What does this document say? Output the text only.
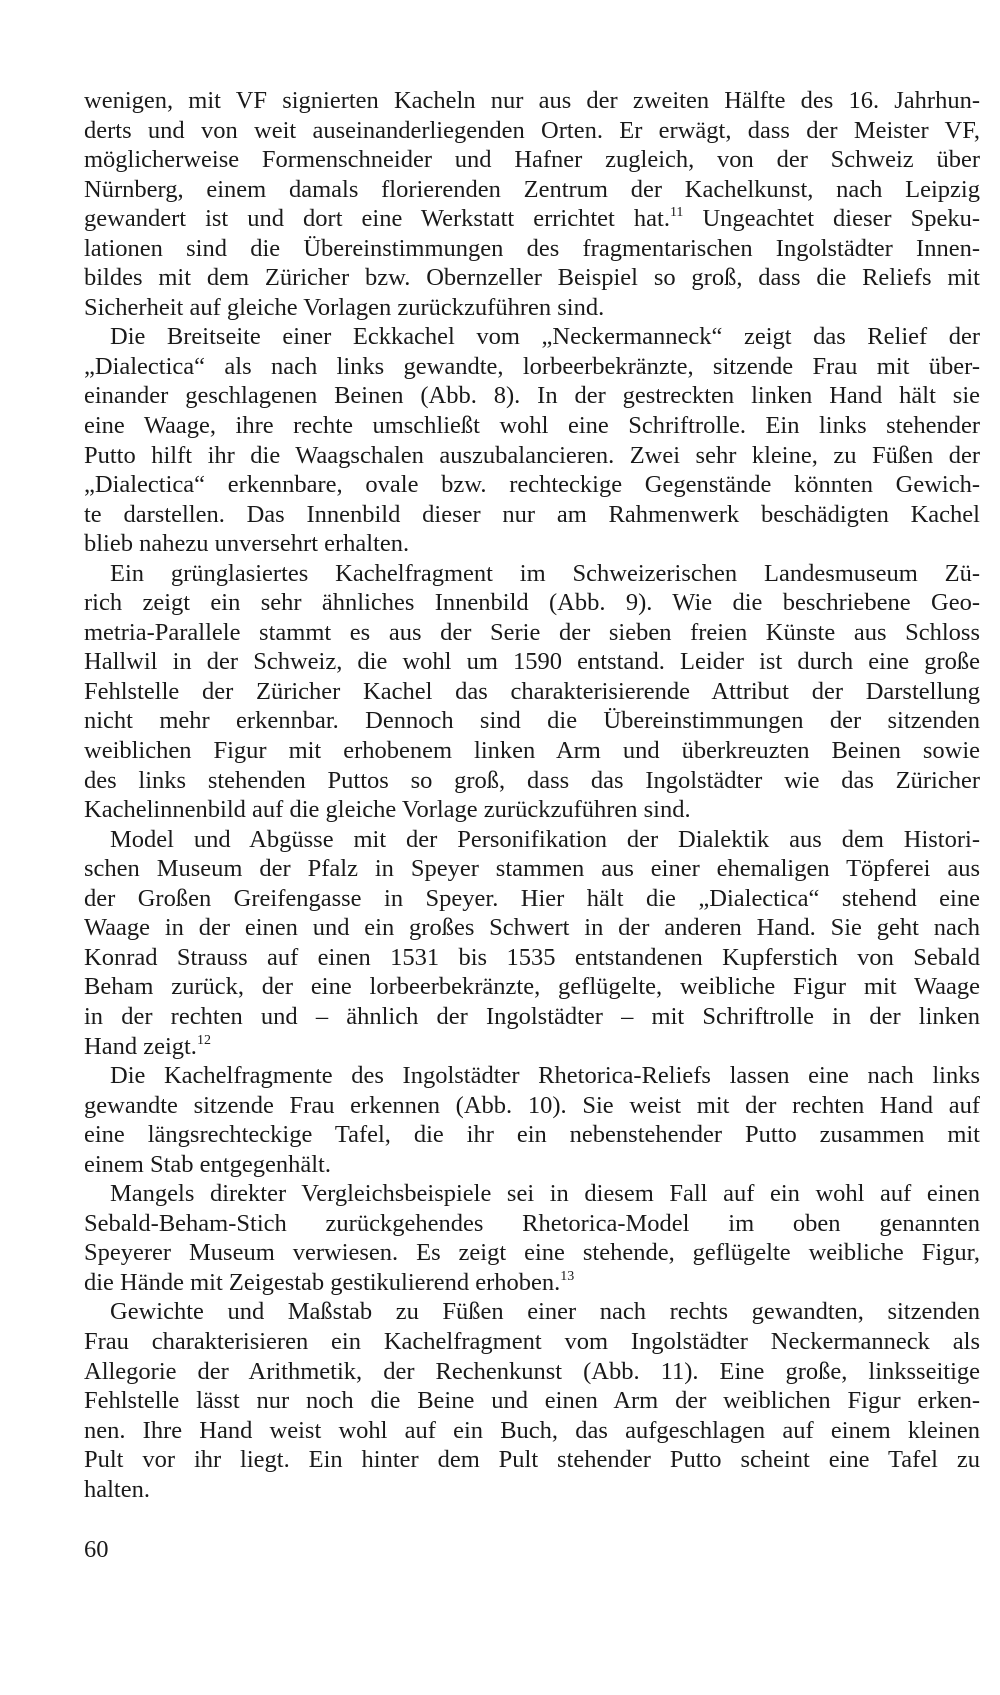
wenigen, mit VF signierten Kacheln nur aus der zweiten Hälfte des 16. Jahrhun-
derts und von weit auseinanderliegenden Orten. Er erwägt, dass der Meister VF,
möglicherweise Formenschneider und Hafner zugleich, von der Schweiz über
Nürnberg, einem damals florierenden Zentrum der Kachelkunst, nach Leipzig
gewandert ist und dort eine Werkstatt errichtet hat.$^{11}$ Ungeachtet dieser Speku-
lationen sind die Übereinstimmungen des fragmentarischen Ingolstädter Innen-
bildes mit dem Züricher bzw. Obernzeller Beispiel so groß, dass die Reliefs mit
Sicherheit auf gleiche Vorlagen zurückzuführen sind.
Die Breitseite einer Eckkachel vom „Neckermanneck“ zeigt das Relief der
„Dialectica“ als nach links gewandte, lorbeerbekränzte, sitzende Frau mit über-
einander geschlagenen Beinen (Abb. 8). In der gestreckten linken Hand hält sie
eine Waage, ihre rechte umschließt wohl eine Schriftrolle. Ein links stehender
Putto hilft ihr die Waagschalen auszubalancieren. Zwei sehr kleine, zu Füßen der
„Dialectica“ erkennbare, ovale bzw. rechteckige Gegenstände könnten Gewich-
te darstellen. Das Innenbild dieser nur am Rahmenwerk beschädigten Kachel
blieb nahezu unversehrt erhalten.
Ein grünglasiertes Kachelfragment im Schweizerischen Landesmuseum Zü-
rich zeigt ein sehr ähnliches Innenbild (Abb. 9). Wie die beschriebene Geo-
metria-Parallele stammt es aus der Serie der sieben freien Künste aus Schloss
Hallwil in der Schweiz, die wohl um 1590 entstand. Leider ist durch eine große
Fehlstelle der Züricher Kachel das charakterisierende Attribut der Darstellung
nicht mehr erkennbar. Dennoch sind die Übereinstimmungen der sitzenden
weiblichen Figur mit erhobenem linken Arm und überkreuzten Beinen sowie
des links stehenden Puttos so groß, dass das Ingolstädter wie das Züricher
Kachelinnenbild auf die gleiche Vorlage zurückzuführen sind.
Model und Abgüsse mit der Personifikation der Dialektik aus dem Histori-
schen Museum der Pfalz in Speyer stammen aus einer ehemaligen Töpferei aus
der Großen Greifengasse in Speyer. Hier hält die „Dialectica“ stehend eine
Waage in der einen und ein großes Schwert in der anderen Hand. Sie geht nach
Konrad Strauss auf einen 1531 bis 1535 entstandenen Kupferstich von Sebald
Beham zurück, der eine lorbeerbekränzte, geflügelte, weibliche Figur mit Waage
in der rechten und – ähnlich der Ingolstädter – mit Schriftrolle in der linken
Hand zeigt.$^{12}$
Die Kachelfragmente des Ingolstädter Rhetorica-Reliefs lassen eine nach links
gewandte sitzende Frau erkennen (Abb. 10). Sie weist mit der rechten Hand auf
eine längsrechteckige Tafel, die ihr ein nebenstehender Putto zusammen mit
einem Stab entgegenhält.
Mangels direkter Vergleichsbeispiele sei in diesem Fall auf ein wohl auf einen
Sebald-Beham-Stich zurückgehendes Rhetorica-Model im oben genannten
Speyerer Museum verwiesen. Es zeigt eine stehende, geflügelte weibliche Figur,
die Hände mit Zeigestab gestikulierend erhoben.$^{13}$
Gewichte und Maßstab zu Füßen einer nach rechts gewandten, sitzenden
Frau charakterisieren ein Kachelfragment vom Ingolstädter Neckermanneck als
Allegorie der Arithmetik, der Rechenkunst (Abb. 11). Eine große, linksseitige
Fehlstelle lässt nur noch die Beine und einen Arm der weiblichen Figur erken-
nen. Ihre Hand weist wohl auf ein Buch, das aufgeschlagen auf einem kleinen
Pult vor ihr liegt. Ein hinter dem Pult stehender Putto scheint eine Tafel zu
halten.
60
